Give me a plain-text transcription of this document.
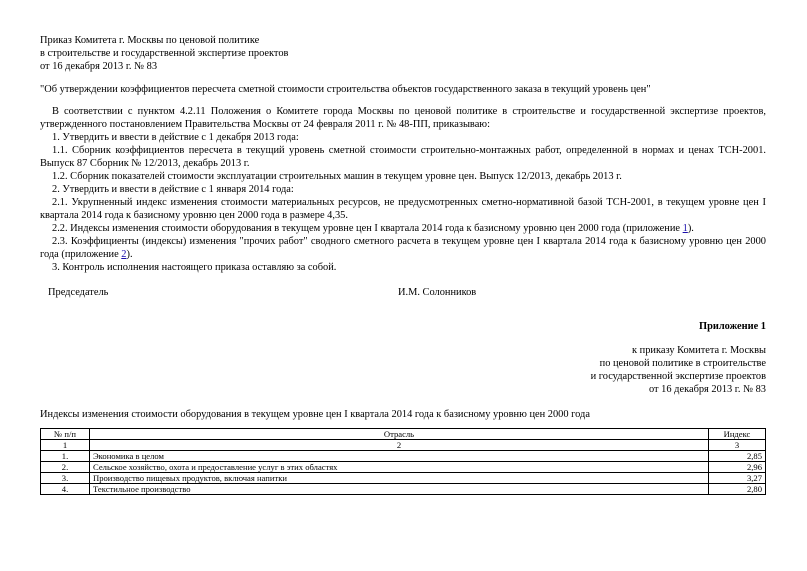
Приказ Комитета г. Москвы по ценовой политике
в строительстве и государственной экспертизе проектов
от 16 декабря 2013 г. № 83
"Об утверждении коэффициентов пересчета сметной стоимости строительства объектов государственного заказа в текущий уровень цен"
В соответствии с пунктом 4.2.11 Положения о Комитете города Москвы по ценовой политике в строительстве и государственной экспертизе проектов, утвержденного постановлением Правительства Москвы от 24 февраля 2011 г. № 48-ПП, приказываю:
1. Утвердить и ввести в действие с 1 декабря 2013 года:
1.1. Сборник коэффициентов пересчета в текущий уровень сметной стоимости строительно-монтажных работ, определенной в нормах и ценах ТСН-2001. Выпуск 87 Сборник № 12/2013, декабрь 2013 г.
1.2. Сборник показателей стоимости эксплуатации строительных машин в текущем уровне цен. Выпуск 12/2013, декабрь 2013 г.
2. Утвердить и ввести в действие с 1 января 2014 года:
2.1. Укрупненный индекс изменения стоимости материальных ресурсов, не предусмотренных сметно-нормативной базой ТСН-2001, в текущем уровне цен I квартала 2014 года к базисному уровню цен 2000 года в размере 4,35.
2.2. Индексы изменения стоимости оборудования в текущем уровне цен I квартала 2014 года к базисному уровню цен 2000 года (приложение 1).
2.3. Коэффициенты (индексы) изменения "прочих работ" сводного сметного расчета в текущем уровне цен I квартала 2014 года к базисному уровню цен 2000 года (приложение 2).
3. Контроль исполнения настоящего приказа оставляю за собой.
Председатель	И.М. Солонников
Приложение 1
к приказу Комитета г. Москвы
по ценовой политике в строительстве
и государственной экспертизе проектов
от 16 декабря 2013 г. № 83
Индексы изменения стоимости оборудования в текущем уровне цен I квартала 2014 года к базисному уровню цен 2000 года
№ п/п	Отрасль	Индекс
1	2	3
1.	Экономика в целом	2,85
2.	Сельское хозяйство, охота и предоставление услуг в этих областях	2,96
3.	Производство пищевых продуктов, включая напитки	3,27
4.	Текстильное производство	2,80
